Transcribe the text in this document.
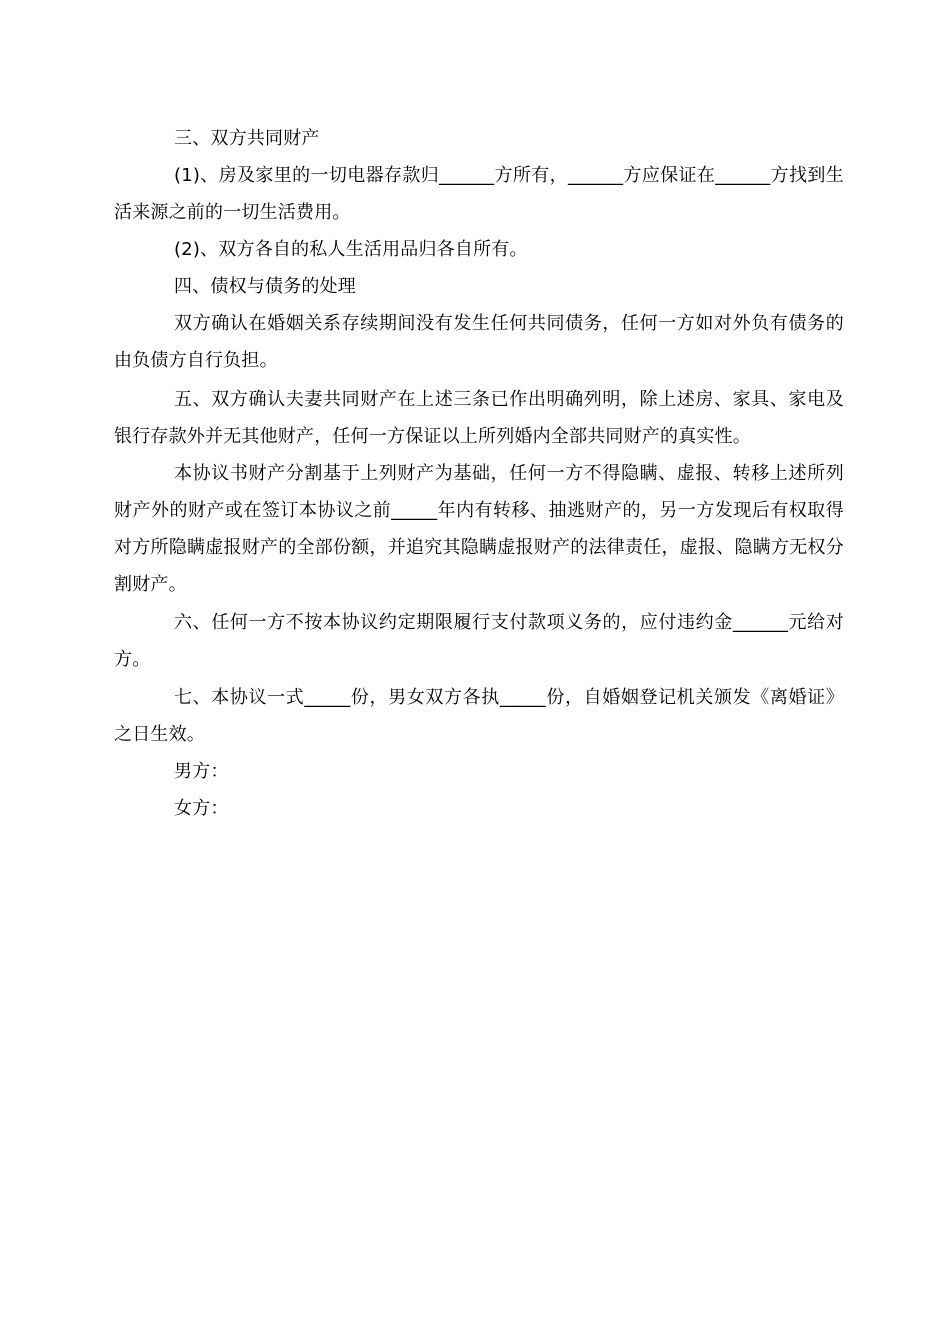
三、双方共同财产
(1)、房及家里的一切电器存款归______方所有，______方应保证在______方找到生活来源之前的一切生活费用。
(2)、双方各自的私人生活用品归各自所有。
四、债权与债务的处理
双方确认在婚姻关系存续期间没有发生任何共同债务，任何一方如对外负有债务的由负债方自行负担。
五、双方确认夫妻共同财产在上述三条已作出明确列明，除上述房、家具、家电及银行存款外并无其他财产，任何一方保证以上所列婚内全部共同财产的真实性。
本协议书财产分割基于上列财产为基础，任何一方不得隐瞒、虚报、转移上述所列财产外的财产或在签订本协议之前_____年内有转移、抽逃财产的，另一方发现后有权取得对方所隐瞒虚报财产的全部份额，并追究其隐瞒虚报财产的法律责任，虚报、隐瞒方无权分割财产。
六、任何一方不按本协议约定期限履行支付款项义务的，应付违约金______元给对方。
七、本协议一式_____份，男女双方各执_____份，自婚姻登记机关颁发《离婚证》之日生效。
男方：
女方：
